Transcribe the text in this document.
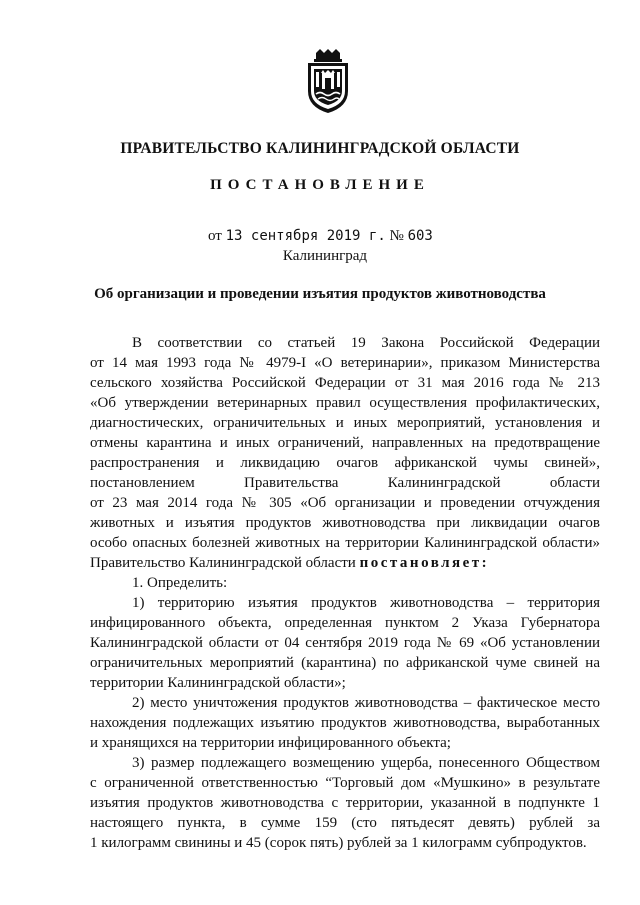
ПРАВИТЕЛЬСТВО КАЛИНИНГРАДСКОЙ ОБЛАСТИ
ПОСТАНОВЛЕНИЕ
от 13 сентября 2019 г. № 603
Калининград
Об организации и проведении изъятия продуктов животноводства
В соответствии со статьей 19 Закона Российской Федерации
от 14 мая 1993 года № 4979-I «О ветеринарии», приказом Министерства
сельского хозяйства Российской Федерации от 31 мая 2016 года № 213
«Об утверждении ветеринарных правил осуществления профилактических,
диагностических, ограничительных и иных мероприятий, установления и
отмены карантина и иных ограничений, направленных на предотвращение
распространения и ликвидацию очагов африканской чумы свиней»,
постановлением Правительства Калининградской области
от 23 мая 2014 года № 305 «Об организации и проведении отчуждения
животных и изъятия продуктов животноводства при ликвидации очагов
особо опасных болезней животных на территории Калининградской области»
Правительство Калининградской области постановляет:
1. Определить:
1) территорию изъятия продуктов животноводства – территория
инфицированного объекта, определенная пунктом 2 Указа Губернатора
Калининградской области от 04 сентября 2019 года № 69 «Об установлении
ограничительных мероприятий (карантина) по африканской чуме свиней на
территории Калининградской области»;
2) место уничтожения продуктов животноводства – фактическое место
нахождения подлежащих изъятию продуктов животноводства, выработанных
и хранящихся на территории инфицированного объекта;
3) размер подлежащего возмещению ущерба, понесенного Обществом
с ограниченной ответственностью “Торговый дом «Мушкино» в результате
изъятия продуктов животноводства с территории, указанной в подпункте 1
настоящего пункта, в сумме 159 (сто пятьдесят девять) рублей за
1 килограмм свинины и 45 (сорок пять) рублей за 1 килограмм субпродуктов.
